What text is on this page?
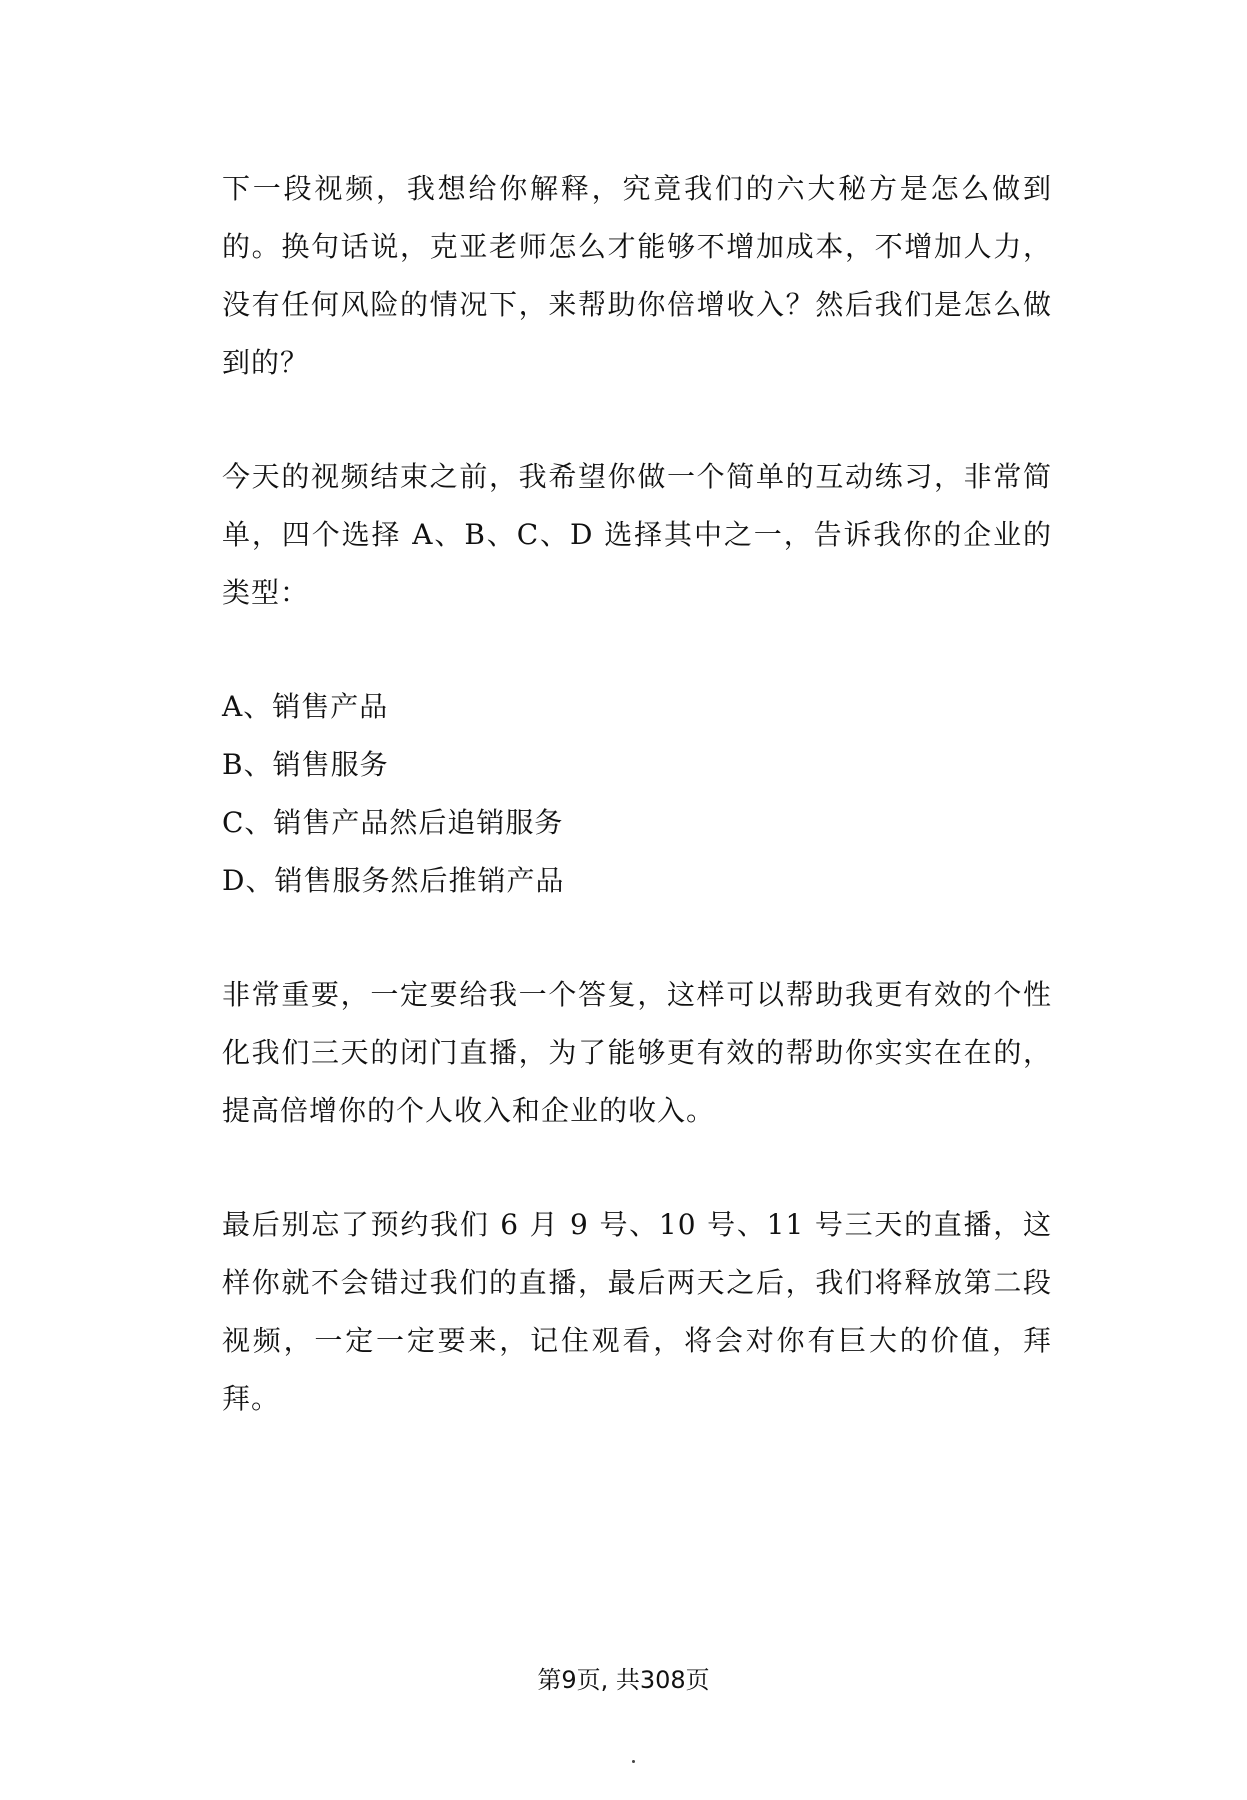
下一段视频，我想给你解释，究竟我们的六大秘方是怎么做到的。换句话说，克亚老师怎么才能够不增加成本，不增加人力，没有任何风险的情况下，来帮助你倍增收入？然后我们是怎么做到的？

今天的视频结束之前，我希望你做一个简单的互动练习，非常简单，四个选择 A、B、C、D 选择其中之一，告诉我你的企业的类型：

A、销售产品
B、销售服务
C、销售产品然后追销服务
D、销售服务然后推销产品

非常重要，一定要给我一个答复，这样可以帮助我更有效的个性化我们三天的闭门直播，为了能够更有效的帮助你实实在在的，提高倍增你的个人收入和企业的收入。

最后别忘了预约我们 6 月 9 号、10 号、11 号三天的直播，这样你就不会错过我们的直播，最后两天之后，我们将释放第二段视频，一定一定要来，记住观看，将会对你有巨大的价值，拜拜。

第9页, 共308页
